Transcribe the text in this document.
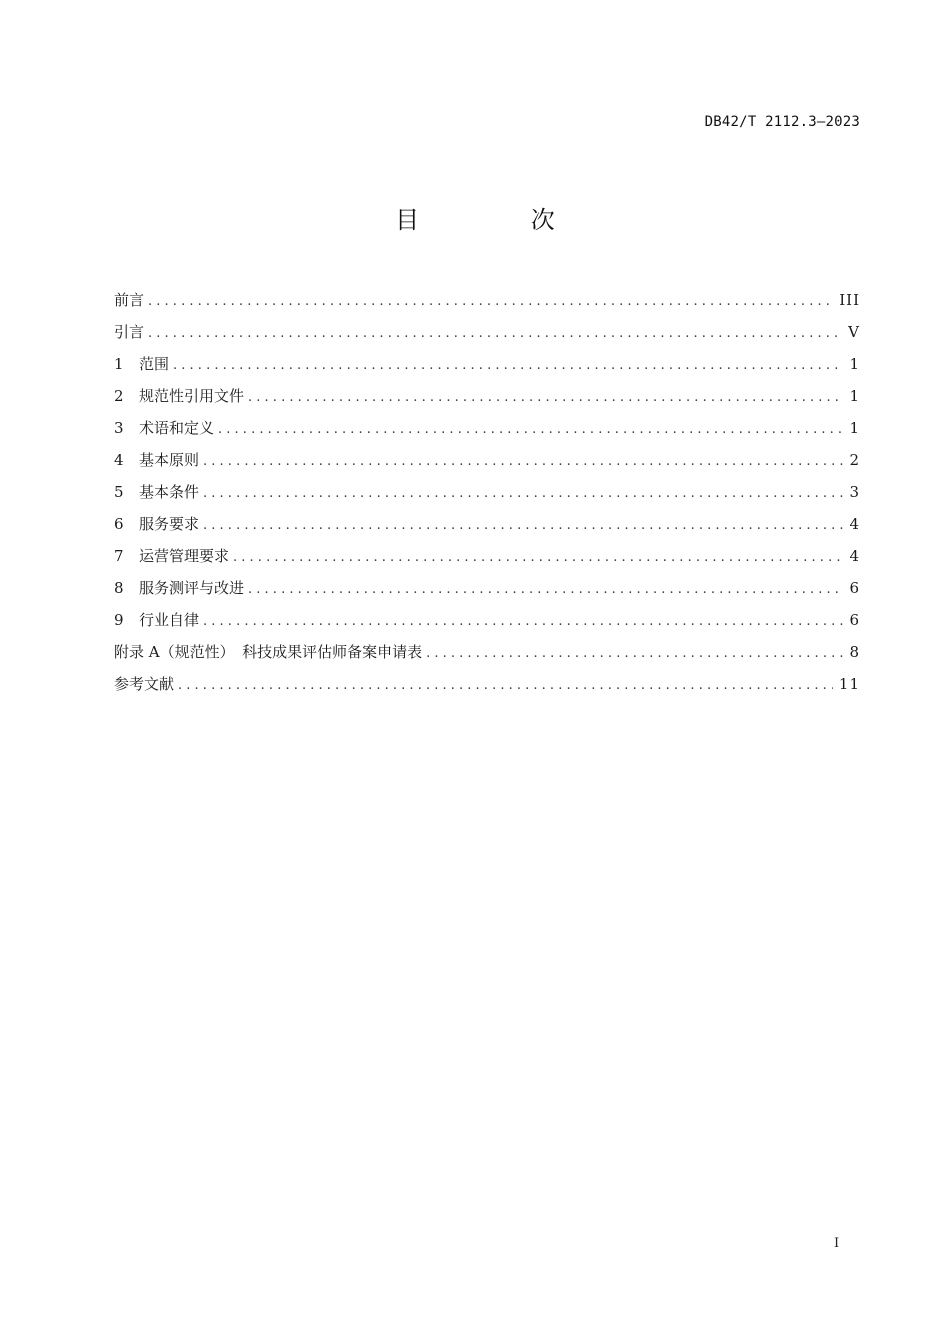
DB42/T 2112.3—2023
目 次
前言 . . .	III
引言 . . .	V
1 范围 . . .	1
2 规范性引用文件 . . .	1
3 术语和定义 . . .	1
4 基本原则 . . .	2
5 基本条件 . . .	3
6 服务要求 . . .	4
7 运营管理要求 . . .	4
8 服务测评与改进 . . .	6
9 行业自律 . . .	6
附录 A（规范性）　科技成果评估师备案申请表 . . .	8
参考文献 . . .	11
I
